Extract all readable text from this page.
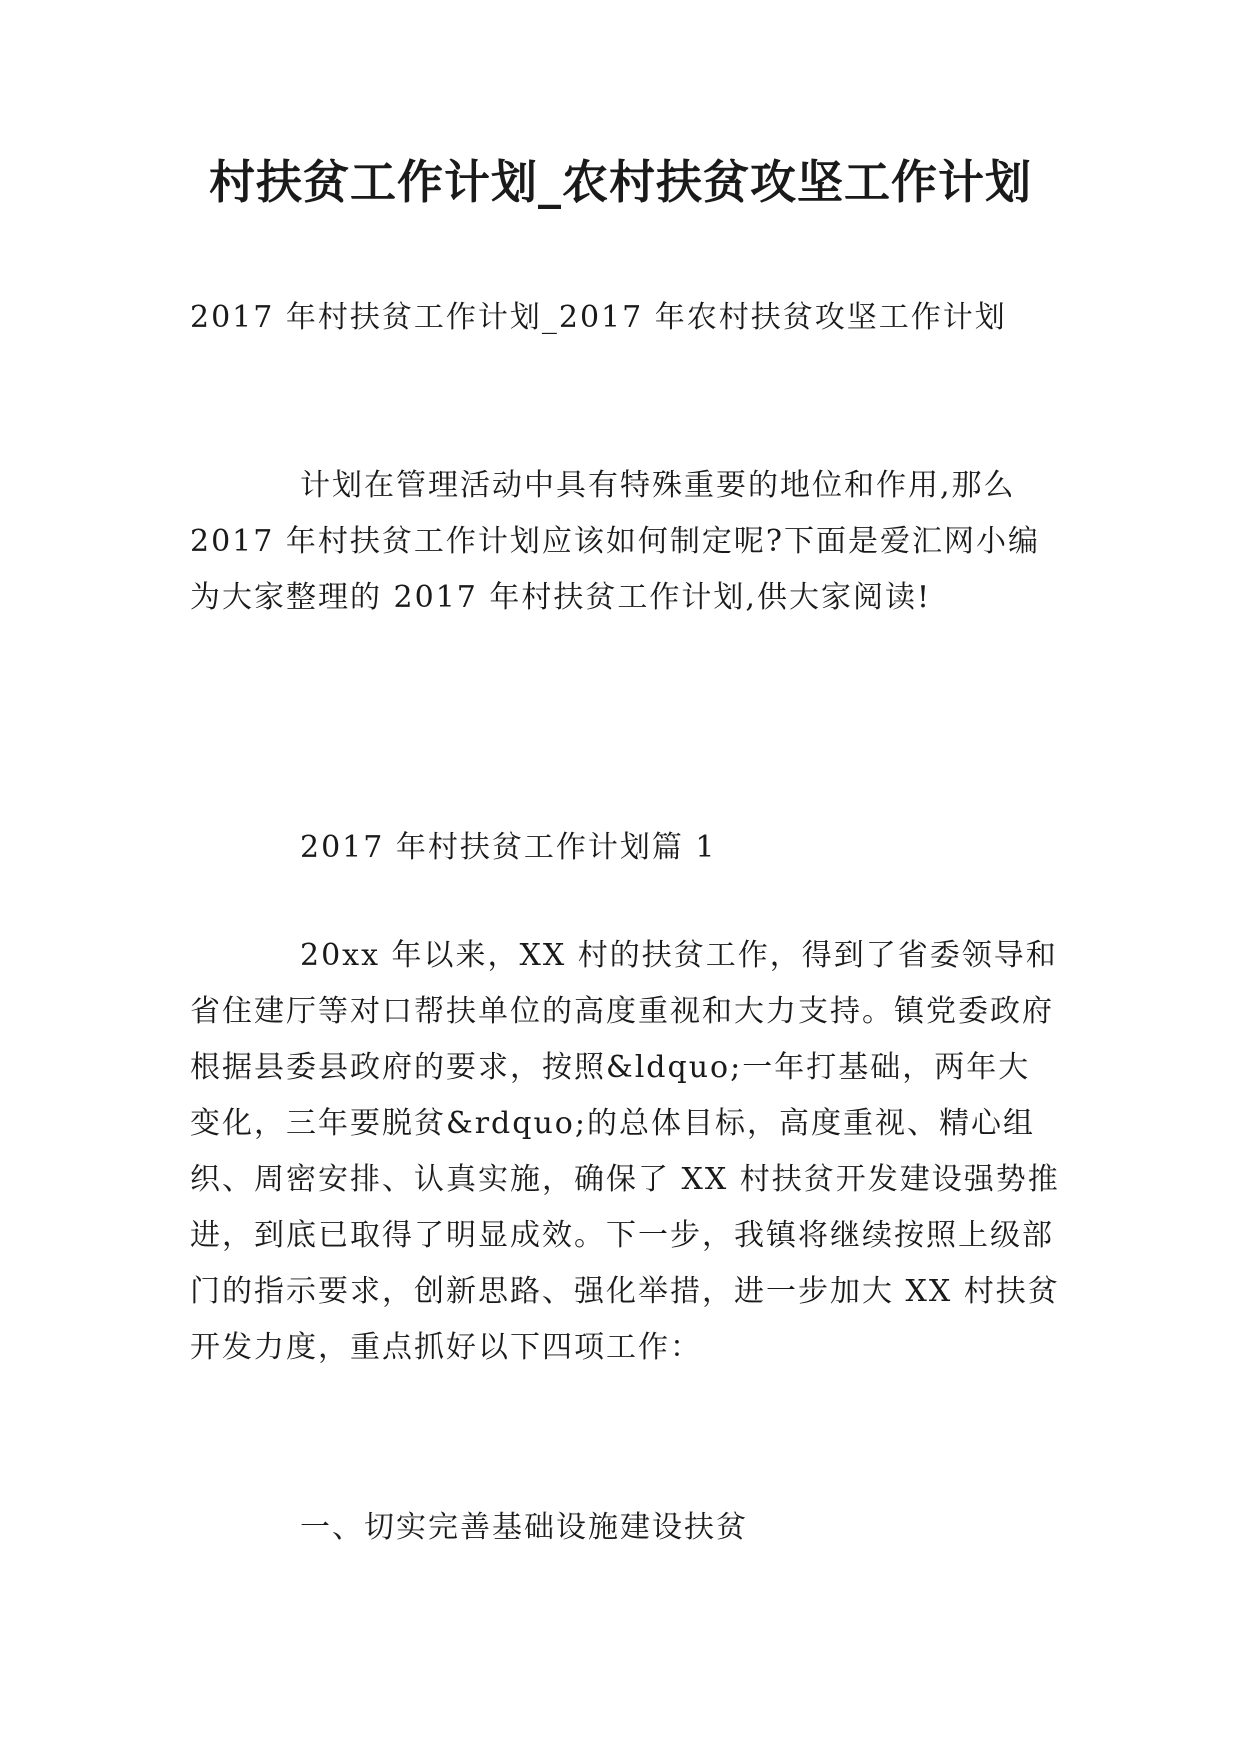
村扶贫工作计划_农村扶贫攻坚工作计划

2017 年村扶贫工作计划_2017 年农村扶贫攻坚工作计划

计划在管理活动中具有特殊重要的地位和作用,那么 2017 年村扶贫工作计划应该如何制定呢?下面是爱汇网小编为大家整理的 2017 年村扶贫工作计划,供大家阅读!

2017 年村扶贫工作计划篇 1

20xx 年以来，XX 村的扶贫工作，得到了省委领导和省住建厅等对口帮扶单位的高度重视和大力支持。镇党委政府根据县委县政府的要求，按照&ldquo;一年打基础，两年大变化，三年要脱贫&rdquo;的总体目标，高度重视、精心组织、周密安排、认真实施，确保了 XX 村扶贫开发建设强势推进，到底已取得了明显成效。下一步，我镇将继续按照上级部门的指示要求，创新思路、强化举措，进一步加大 XX 村扶贫开发力度，重点抓好以下四项工作：

一、切实完善基础设施建设扶贫
